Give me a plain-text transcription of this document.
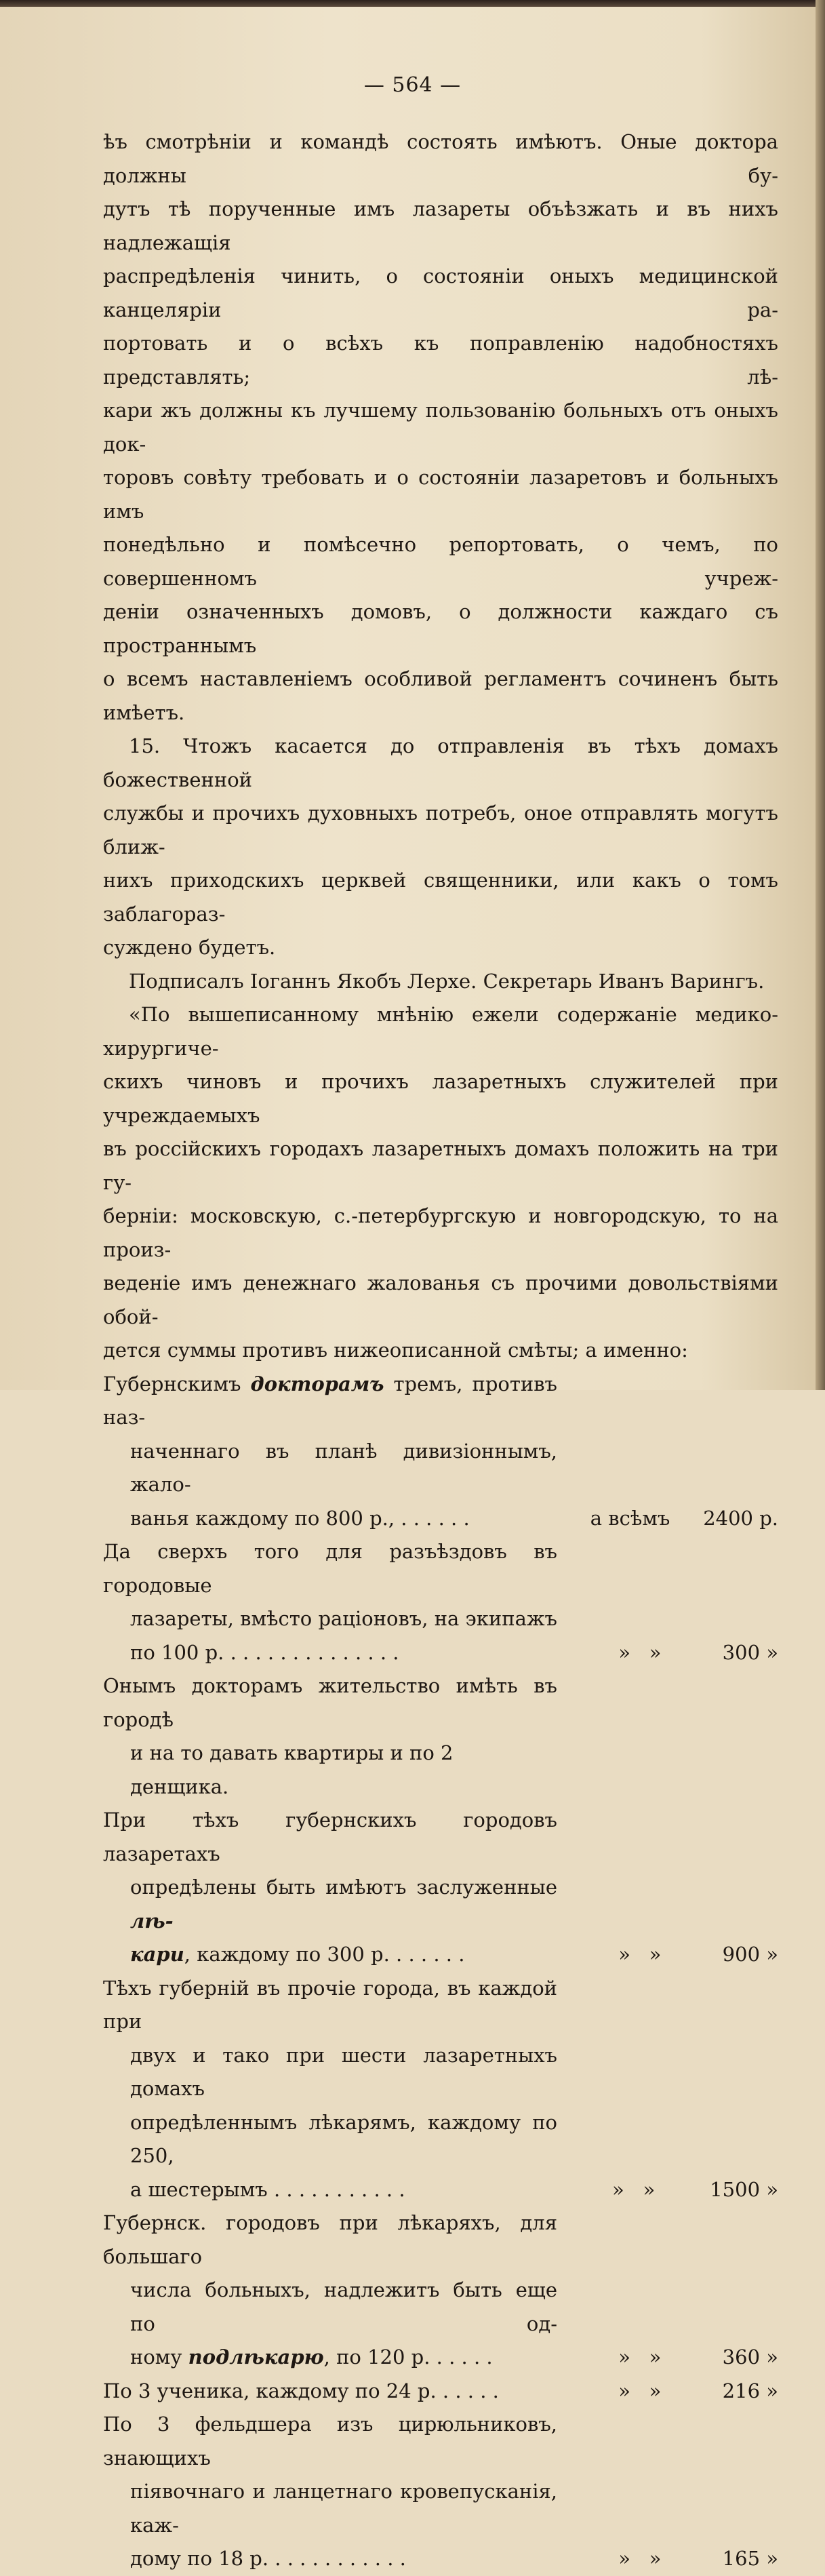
— 564 —

ѣъ смотрѣніи и командѣ состоять имѣютъ. Оные доктора должны бу-
дутъ тѣ порученные имъ лазареты объѣзжать и въ нихъ надлежащія
распредѣленія чинить, о состояніи оныхъ медицинской канцеляріи ра-
портовать и о всѣхъ къ поправленію надобностяхъ представлять; лѣ-
кари жъ должны къ лучшему пользованію больныхъ отъ оныхъ док-
торовъ совѣту требовать и о состояніи лазаретовъ и больныхъ имъ
понедѣльно и помѣсечно репортовать, о чемъ, по совершенномъ учреж-
деніи означенныхъ домовъ, о должности каждаго съ пространнымъ
о всемъ наставленіемъ особливой регламентъ сочиненъ быть имѣетъ.

15. Чтожъ касается до отправленія въ тѣхъ домахъ божественной
службы и прочихъ духовныхъ потребъ, оное отправлять могутъ ближ-
нихъ приходскихъ церквей священники, или какъ о томъ заблагораз-
суждено будетъ.

Подписалъ Іоганнъ Якобъ Лерхе. Секретарь Иванъ Варингъ.

«По вышеписанному мнѣнію ежели содержаніе медико-хирургиче-
скихъ чиновъ и прочихъ лазаретныхъ служителей при учреждаемыхъ
въ россійскихъ городахъ лазаретныхъ домахъ положить на три гу-
берніи: московскую, с.-петербургскую и новгородскую, то на произ-
веденіе имъ денежнаго жалованья съ прочими довольствіями обой-
дется суммы противъ нижеописанной смѣты; а именно:

Губернскимъ докторамъ тремъ, противъ наз-
наченнаго въ планѣ дивизіоннымъ, жало-
ванья каждому по 800 р., . . . . . .	а всѣмъ	2400 р.
Да сверхъ того для разъѣздовъ въ городовые
лазареты, вмѣсто раціоновъ, на экипажъ
по 100 р. . . . . . . . . . . . . . .	»   »	300 »
Онымъ докторамъ жительство имѣть въ городѣ
и на то давать квартиры и по 2 денщика.
При тѣхъ губернскихъ городовъ лазаретахъ
опредѣлены быть имѣютъ заслуженные лѣ-
кари, каждому по 300 р. . . . . . .	»   »	900 »
Тѣхъ губерній въ прочіе города, въ каждой при
двух и тако при шести лазаретныхъ домахъ
опредѣленнымъ лѣкарямъ, каждому по 250,
а шестерымъ . . . . . . . . . . .	»   »	1500 »
Губернск. городовъ при лѣкаряхъ, для большаго
числа больныхъ, надлежитъ быть еще по од-
ному подлѣкарю, по 120 р. . . . . .	»   »	360 »
По 3 ученика, каждому по 24 р. . . . . .	»   »	216 »
По 3 фельдшера изъ цирюльниковъ, знающихъ
піявочнаго и ланцетнаго кровепусканія, каж-
дому по 18 р. . . . . . . . . . . .	»   »	165 »
